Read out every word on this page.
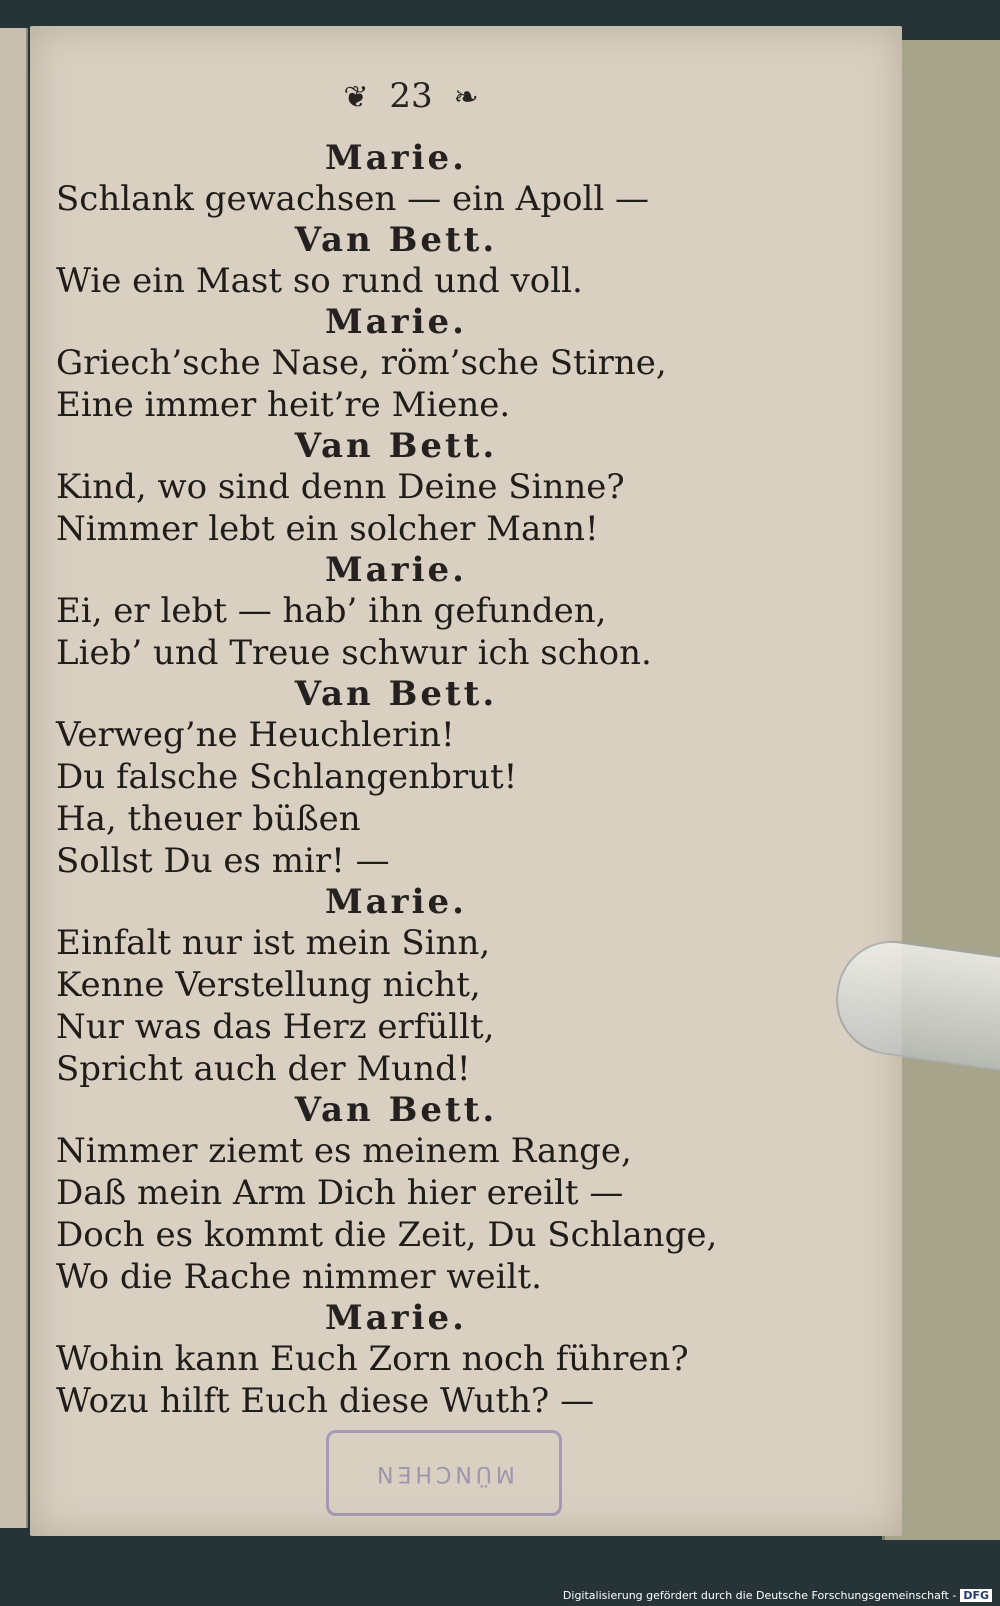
❦ 23 ❧
Marie.
Schlank gewachsen — ein Apoll —
Van Bett.
Wie ein Mast so rund und voll.
Marie.
Griech’sche Nase, röm’sche Stirne,
Eine immer heit’re Miene.
Van Bett.
Kind, wo sind denn Deine Sinne?
Nimmer lebt ein solcher Mann!
Marie.
Ei, er lebt — hab’ ihn gefunden,
Lieb’ und Treue schwur ich schon.
Van Bett.
Verweg’ne Heuchlerin!
Du falsche Schlangenbrut!
Ha, theuer büßen
Sollst Du es mir! —
Marie.
Einfalt nur ist mein Sinn,
Kenne Verstellung nicht,
Nur was das Herz erfüllt,
Spricht auch der Mund!
Van Bett.
Nimmer ziemt es meinem Range,
Daß mein Arm Dich hier ereilt —
Doch es kommt die Zeit, Du Schlange,
Wo die Rache nimmer weilt.
Marie.
Wohin kann Euch Zorn noch führen?
Wozu hilft Euch diese Wuth? —
MÜNCHEN
Digitalisierung gefördert durch die Deutsche Forschungsgemeinschaft - DFG
